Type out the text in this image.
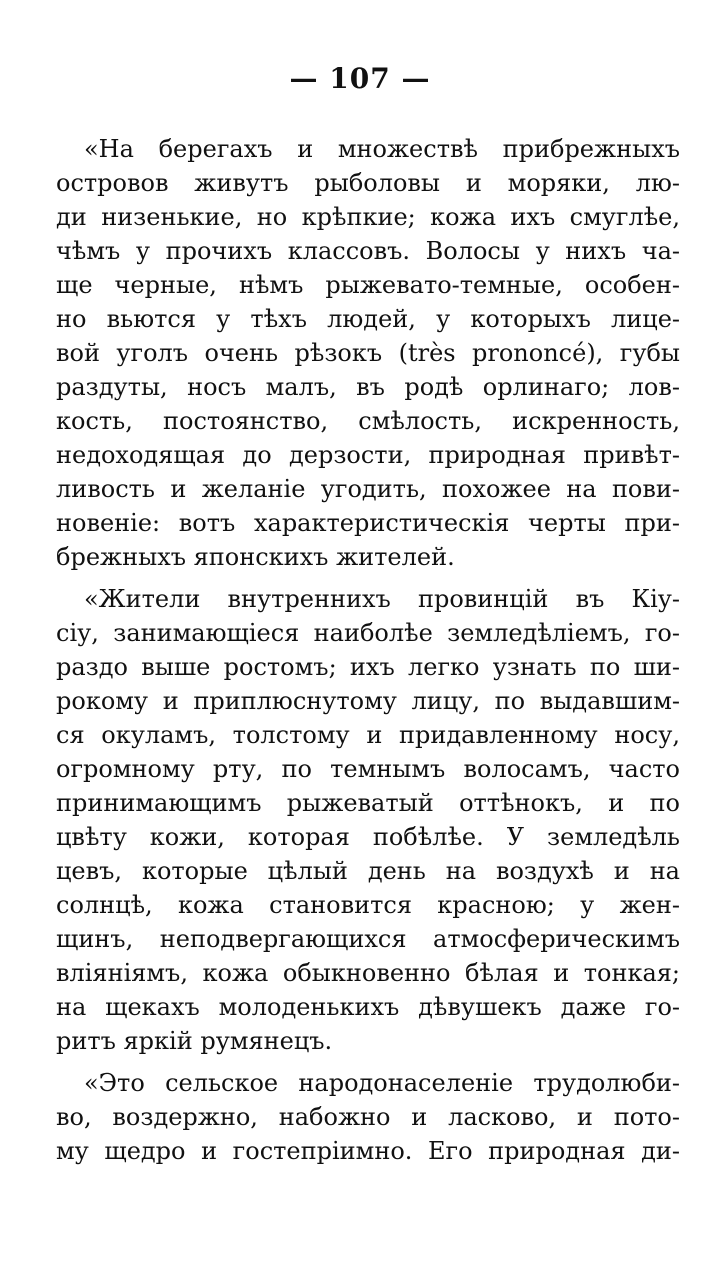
— 107 —
«На берегахъ и множествѣ прибрежныхъ
островов живутъ рыболовы и моряки, лю-
ди низенькие, но крѣпкие; кожа ихъ смуглѣе,
чѣмъ у прочихъ классовъ. Волосы у нихъ ча-
ще черные, нѣмъ рыжевато-темные, особен-
но вьются у тѣхъ людей, у которыхъ лице-
вой уголъ очень рѣзокъ (très prononcé), губы
раздуты, носъ малъ, въ родѣ орлинаго; лов-
кость, постоянство, смѣлость, искренность,
недоходящая до дерзости, природная привѣт-
ливость и желаніе угодить, похожее на пови-
новеніе: вотъ характеристическія черты при-
брежныхъ японскихъ жителей.
«Жители внутреннихъ провинцій въ Кіу-
сіу, занимающіеся наиболѣе земледѣліемъ, го-
раздо выше ростомъ; ихъ легко узнать по ши-
рокому и приплюснутому лицу, по выдавшим-
ся окуламъ, толстому и придавленному носу,
огромному рту, по темнымъ волосамъ, часто
принимающимъ рыжеватый оттѣнокъ, и по
цвѣту кожи, которая побѣлѣе. У земледѣль
цевъ, которые цѣлый день на воздухѣ и на
солнцѣ, кожа становится красною; у жен-
щинъ, неподвергающихся атмосферическимъ
вліяніямъ, кожа обыкновенно бѣлая и тонкая;
на щекахъ молоденькихъ дѣвушекъ даже го-
ритъ яркій румянецъ.
«Это сельское народонаселеніе трудолюби-
во, воздержно, набожно и ласково, и пото-
му щедро и гостепріимно. Его природная ди-
